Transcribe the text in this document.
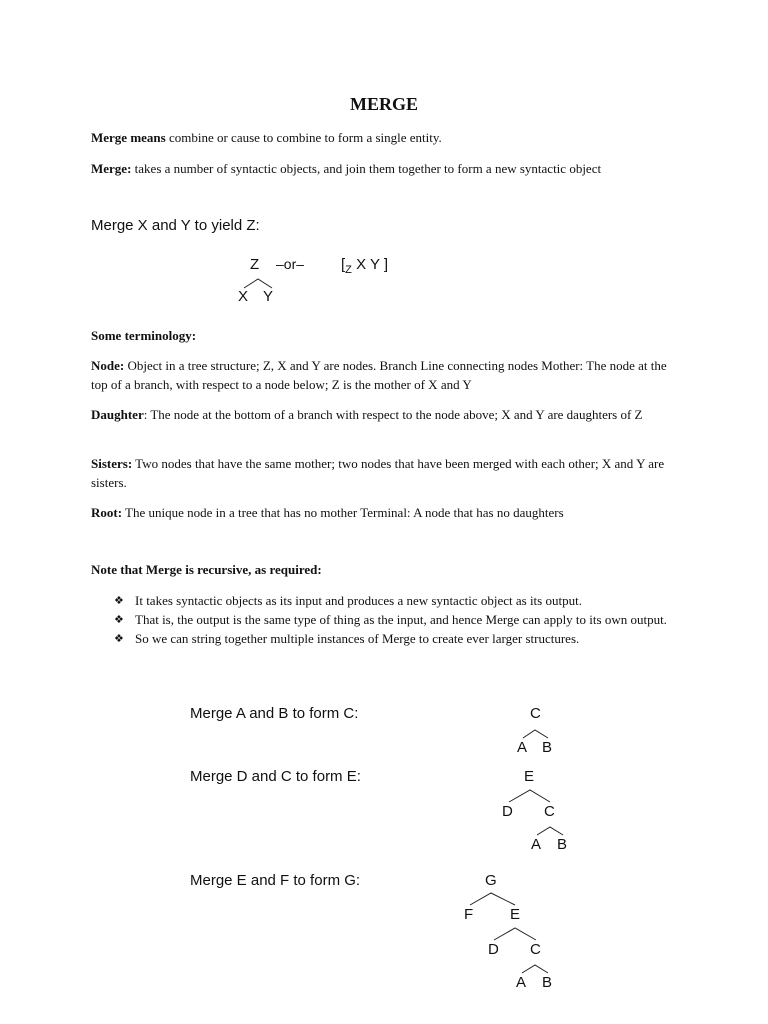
MERGE
Merge means combine or cause to combine to form a single entity.
Merge: takes a number of syntactic objects, and join them together to form a new syntactic object
Merge X and Y to yield Z:
Z –or– [$_Z$ X Y ]
X Y
Some terminology:
Node: Object in a tree structure; Z, X and Y are nodes. Branch Line connecting nodes Mother: The node at the top of a branch, with respect to a node below; Z is the mother of X and Y
Daughter: The node at the bottom of a branch with respect to the node above; X and Y are daughters of Z
Sisters: Two nodes that have the same mother; two nodes that have been merged with each other; X and Y are sisters.
Root: The unique node in a tree that has no mother Terminal: A node that has no daughters
Note that Merge is recursive, as required:
❖ It takes syntactic objects as its input and produces a new syntactic object as its output.
❖ That is, the output is the same type of thing as the input, and hence Merge can apply to its own output.
❖ So we can string together multiple instances of Merge to create ever larger structures.
Merge A and B to form C:
Merge D and C to form E:
Merge E and F to form G:
C
A B
E
D C
A B
G
F E
D C
A B
